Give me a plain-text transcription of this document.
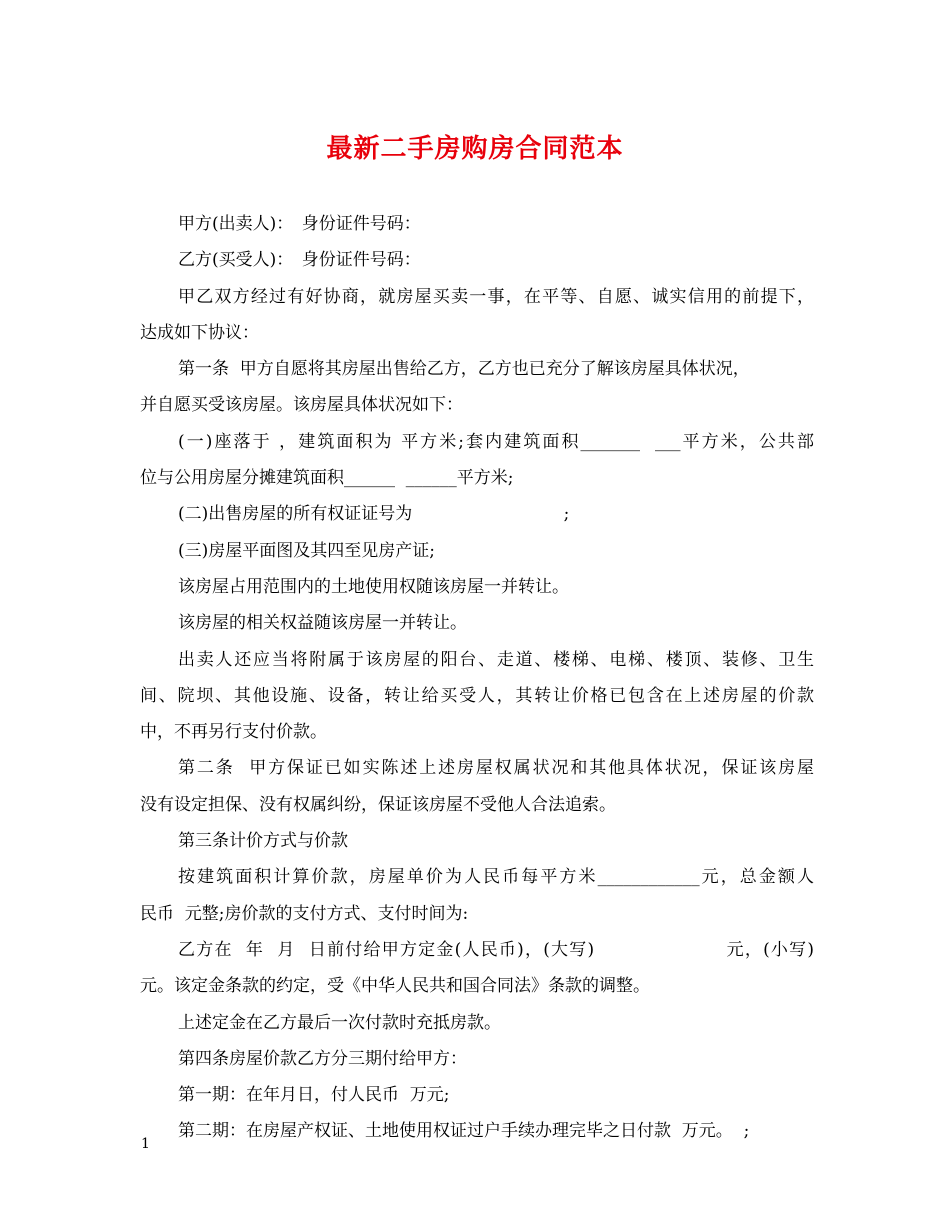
最新二手房购房合同范本
甲方(出卖人)：　身份证件号码：
乙方(买受人)：　身份证件号码：
甲乙双方经过有好协商，就房屋买卖一事，在平等、自愿、诚实信用的前提下，
达成如下协议：
第一条  甲方自愿将其房屋出售给乙方，乙方也已充分了解该房屋具体状况，
并自愿买受该房屋。该房屋具体状况如下：
(一)座落于 ，建筑面积为 平方米;套内建筑面积_______  ___平方米，公共部
位与公用房屋分摊建筑面积______  ______平方米;
(二)出售房屋的所有权证证号为                            ;
(三)房屋平面图及其四至见房产证;
该房屋占用范围内的土地使用权随该房屋一并转让。
该房屋的相关权益随该房屋一并转让。
出卖人还应当将附属于该房屋的阳台、走道、楼梯、电梯、楼顶、装修、卫生
间、院坝、其他设施、设备，转让给买受人，其转让价格已包含在上述房屋的价款
中，不再另行支付价款。
第二条  甲方保证已如实陈述上述房屋权属状况和其他具体状况，保证该房屋
没有设定担保、没有权属纠纷，保证该房屋不受他人合法追索。
第三条计价方式与价款
按建筑面积计算价款，房屋单价为人民币每平方米____________元，总金额人
民币  元整;房价款的支付方式、支付时间为:
乙方在  年  月  日前付给甲方定金(人民币)，(大写)                    元，(小写)
元。该定金条款的约定，受《中华人民共和国合同法》条款的调整。
上述定金在乙方最后一次付款时充抵房款。
第四条房屋价款乙方分三期付给甲方：
第一期：在年月日，付人民币  万元;
第二期：在房屋产权证、土地使用权证过户手续办理完毕之日付款  万元。  ;
1
